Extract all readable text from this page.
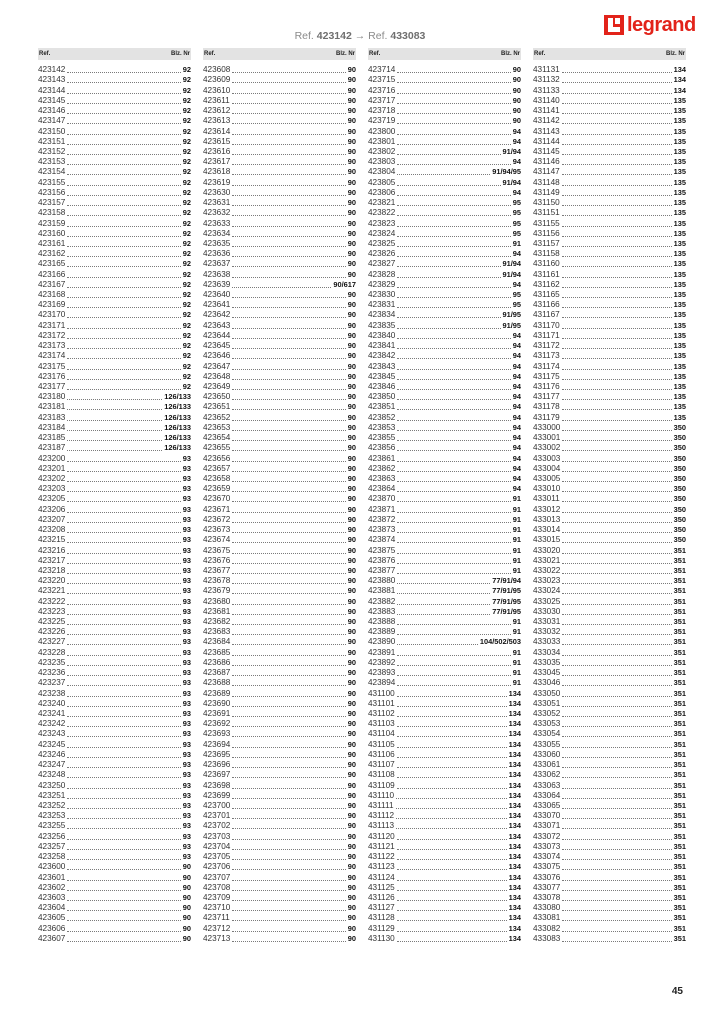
legrand
Ref. 423142 → Ref. 433083
Ref.	Blz. Nr
423142	92
423143	92
423144	92
423145	92
423146	92
423147	92
423150	92
423151	92
423152	92
423153	92
423154	92
423155	92
423156	92
423157	92
423158	92
423159	92
423160	92
423161	92
423162	92
423165	92
423166	92
423167	92
423168	92
423169	92
423170	92
423171	92
423172	92
423173	92
423174	92
423175	92
423176	92
423177	92
423180	126/133
423181	126/133
423183	126/133
423184	126/133
423185	126/133
423187	126/133
423200	93
423201	93
423202	93
423203	93
423205	93
423206	93
423207	93
423208	93
423215	93
423216	93
423217	93
423218	93
423220	93
423221	93
423222	93
423223	93
423225	93
423226	93
423227	93
423228	93
423235	93
423236	93
423237	93
423238	93
423240	93
423241	93
423242	93
423243	93
423245	93
423246	93
423247	93
423248	93
423250	93
423251	93
423252	93
423253	93
423255	93
423256	93
423257	93
423258	93
423600	90
423601	90
423602	90
423603	90
423604	90
423605	90
423606	90
423607	90
Ref.	Blz. Nr
423608	90
423609	90
423610	90
423611	90
423612	90
423613	90
423614	90
423615	90
423616	90
423617	90
423618	90
423619	90
423630	90
423631	90
423632	90
423633	90
423634	90
423635	90
423636	90
423637	90
423638	90
423639	90/617
423640	90
423641	90
423642	90
423643	90
423644	90
423645	90
423646	90
423647	90
423648	90
423649	90
423650	90
423651	90
423652	90
423653	90
423654	90
423655	90
423656	90
423657	90
423658	90
423659	90
423670	90
423671	90
423672	90
423673	90
423674	90
423675	90
423676	90
423677	90
423678	90
423679	90
423680	90
423681	90
423682	90
423683	90
423684	90
423685	90
423686	90
423687	90
423688	90
423689	90
423690	90
423691	90
423692	90
423693	90
423694	90
423695	90
423696	90
423697	90
423698	90
423699	90
423700	90
423701	90
423702	90
423703	90
423704	90
423705	90
423706	90
423707	90
423708	90
423709	90
423710	90
423711	90
423712	90
423713	90
Ref.	Blz. Nr
423714	90
423715	90
423716	90
423717	90
423718	90
423719	90
423800	94
423801	94
423802	91/94
423803	94
423804	91/94/95
423805	91/94
423806	94
423821	95
423822	95
423823	95
423824	95
423825	91
423826	94
423827	91/94
423828	91/94
423829	94
423830	95
423831	95
423834	91/95
423835	91/95
423840	94
423841	94
423842	94
423843	94
423845	94
423846	94
423850	94
423851	94
423852	94
423853	94
423855	94
423856	94
423861	94
423862	94
423863	94
423864	94
423870	91
423871	91
423872	91
423873	91
423874	91
423875	91
423876	91
423877	91
423880	77/91/94
423881	77/91/95
423882	77/91/95
423883	77/91/95
423888	91
423889	91
423890	104/502/503
423891	91
423892	91
423893	91
423894	91
431100	134
431101	134
431102	134
431103	134
431104	134
431105	134
431106	134
431107	134
431108	134
431109	134
431110	134
431111	134
431112	134
431113	134
431120	134
431121	134
431122	134
431123	134
431124	134
431125	134
431126	134
431127	134
431128	134
431129	134
431130	134
Ref.	Blz. Nr
431131	134
431132	134
431133	134
431140	135
431141	135
431142	135
431143	135
431144	135
431145	135
431146	135
431147	135
431148	135
431149	135
431150	135
431151	135
431155	135
431156	135
431157	135
431158	135
431160	135
431161	135
431162	135
431165	135
431166	135
431167	135
431170	135
431171	135
431172	135
431173	135
431174	135
431175	135
431176	135
431177	135
431178	135
431179	135
433000	350
433001	350
433002	350
433003	350
433004	350
433005	350
433010	350
433011	350
433012	350
433013	350
433014	350
433015	350
433020	351
433021	351
433022	351
433023	351
433024	351
433025	351
433030	351
433031	351
433032	351
433033	351
433034	351
433035	351
433045	351
433046	351
433050	351
433051	351
433052	351
433053	351
433054	351
433055	351
433060	351
433061	351
433062	351
433063	351
433064	351
433065	351
433070	351
433071	351
433072	351
433073	351
433074	351
433075	351
433076	351
433077	351
433078	351
433080	351
433081	351
433082	351
433083	351
45
